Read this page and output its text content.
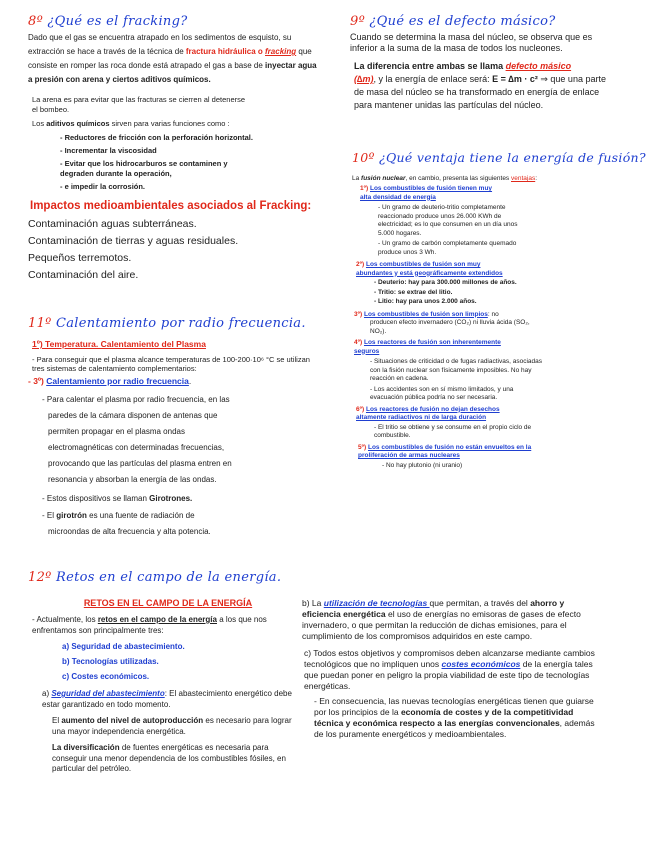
8º ¿Qué es el fracking?

Dado que el gas se encuentra atrapado en los sedimentos de esquisto, su extracción se hace a través de la técnica de fractura hidráulica o fracking que consiste en romper las roca donde está atrapado el gas a base de inyectar agua a presión con arena y ciertos aditivos químicos.

La arena es para evitar que las fracturas se cierren al detenerse el bombeo.

Los aditivos químicos sirven para varias funciones como :

- Reductores de fricción con la perforación horizontal.
- Incrementar la viscosidad
- Evitar que los hidrocarburos se contaminen y degraden durante la operación,
- e impedir la corrosión.
Impactos medioambientales asociados al Fracking:
Contaminación aguas subterráneas.
Contaminación de tierras y aguas residuales.
Pequeños terremotos.
Contaminación del aire.
9º ¿Qué es el defecto másico?

Cuando se determina la masa del núcleo, se observa que es inferior a la suma de la masa de todos los nucleones.

La diferencia entre ambas se llama defecto másico
(∆m), y la energía de enlace será: E = ∆m · c² ⇒ que una parte de masa del núcleo se ha transformado en energía de enlace para mantener unidas las partículas del núcleo.

10º ¿Qué ventaja tiene la energía de fusión?

La fusión nuclear, en cambio, presenta las siguientes ventajas:

1º) Los combustibles de fusión tienen muy alta densidad de energía
- Un gramo de deuterio-tritio completamente reaccionado produce unos 26.000 KWh de electricidad; es lo que consumen en un día unos 5.000 hogares.
- Un gramo de carbón completamente quemado produce unos 3 Wh.
2º) Los combustibles de fusión son muy abundantes y está geográficamente extendidos
- Deuterio: hay para 300.000 millones de años.
- Tritio: se extrae del litio.
- Litio: hay para unos 2.000 años.
3º) Los combustibles de fusión son limpios: no
producen efecto invernadero (CO₂) ni lluvia ácida (SO₂, NO₂).
4º) Los reactores de fusión son inherentemente seguros
- Situaciones de criticidad o de fugas radiactivas, asociadas con la fisión nuclear son físicamente imposibles. No hay reacción en cadena.
- Los accidentes son en sí mismo limitados, y una evacuación pública podría no ser necesaria.
6º) Los reactores de fusión no dejan desechos altamente radiactivos ni de larga duración
- El tritio se obtiene y se consume en el propio ciclo de combustible.
5º) Los combustibles de fusión no están envueltos en la proliferación de armas nucleares
- No hay plutonio (ni uranio)
11º Calentamiento por radio frecuencia.
1º) Temperatura. Calentamiento del Plasma

- Para conseguir que el plasma alcance temperaturas de 100-200·10⁶ °C se utilizan tres sistemas de calentamiento complementarios:

- 3º) Calentamiento por radio frecuencia.
- Para calentar el plasma por radio frecuencia, en las
paredes de la cámara disponen de antenas que
permiten propagar en el plasma ondas
electromagnéticas con determinadas frecuencias,
provocando que las partículas del plasma entren en
resonancia y absorban la energía de las ondas.
- Estos dispositivos se llaman Girotrones.
- El girotrón es una fuente de radiación de
microondas de alta frecuencia y alta potencia.
12º Retos en el campo de la energía.
RETOS EN EL CAMPO DE LA ENERGÍA

- Actualmente, los retos en el campo de la energía a los que nos enfrentamos son principalmente tres:

a) Seguridad de abastecimiento.
b) Tecnologías utilizadas.
c) Costes económicos.

a) Seguridad del abastecimiento: El abastecimiento energético debe estar garantizado en todo momento.

El aumento del nivel de autoproducción es necesario para lograr una mayor independencia energética.

La diversificación de fuentes energéticas es necesaria para conseguir una menor dependencia de los combustibles fósiles, en particular del petróleo.

b) La utilización de tecnologías que permitan, a través del ahorro y eficiencia energética el uso de energías no emisoras de gases de efecto invernadero, o que permitan la reducción de dichas emisiones, para el cumplimiento de los compromisos adquiridos en este campo.

c) Todos estos objetivos y compromisos deben alcanzarse mediante cambios tecnológicos que no impliquen unos costes económicos de la energía tales que puedan poner en peligro la propia viabilidad de este tipo de tecnologías energéticas.

- En consecuencia, las nuevas tecnologías energéticas tienen que guiarse por los principios de la economía de costes y de la competitividad técnica y económica respecto a las energías convencionales, además de los puramente energéticos y medioambientales.
